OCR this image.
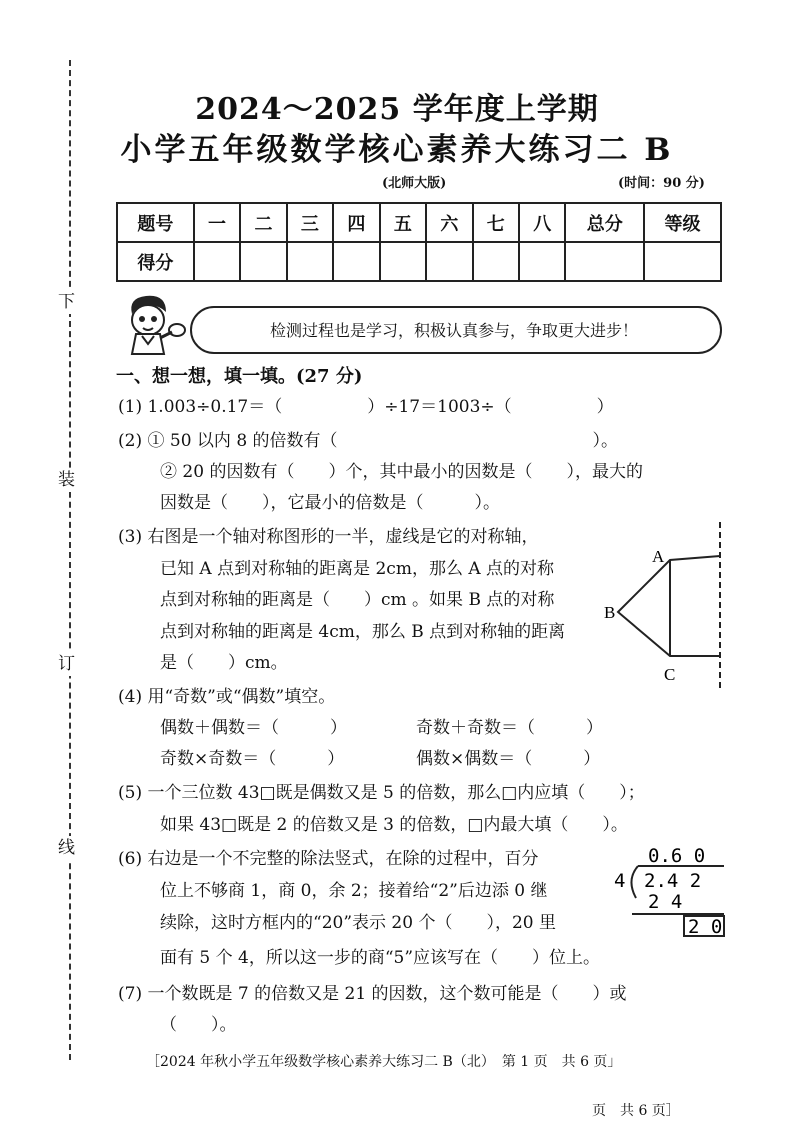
下
装
订
线
2024～2025 学年度上学期
小学五年级数学核心素养大练习二 B
(北师大版)	(时间：90 分)
题号	一	二	三	四	五	六	七	八	总分	等级
得分										
检测过程也是学习，积极认真参与，争取更大进步！
一、想一想，填一填。(27 分)
(1) 1.003÷0.17＝（　　　　　）÷17＝1003÷（　　　　　）
(2) ① 50 以内 8 的倍数有（　　　　　　　　　　　　　　　）。
② 20 的因数有（　　）个，其中最小的因数是（　　），最大的
因数是（　　），它最小的倍数是（　　　）。
(3) 右图是一个轴对称图形的一半，虚线是它的对称轴，
已知 A 点到对称轴的距离是 2cm，那么 A 点的对称
点到对称轴的距离是（　　）cm 。如果 B 点的对称
点到对称轴的距离是 4cm，那么 B 点到对称轴的距离
是（　　）cm。
A
B
C
(4) 用“奇数”或“偶数”填空。
偶数＋偶数＝（　　　）	奇数＋奇数＝（　　　）
奇数×奇数＝（　　　）	偶数×偶数＝（　　　）
(5) 一个三位数 43□既是偶数又是 5 的倍数，那么□内应填（　　）；
如果 43□既是 2 的倍数又是 3 的倍数，□内最大填（　　）。
(6) 右边是一个不完整的除法竖式，在除的过程中，百分
位上不够商 1，商 0，余 2；接着给“2”后边添 0 继
续除，这时方框内的“20”表示 20 个（　　），20 里
面有 5 个 4，所以这一步的商“5”应该写在（　　）位上。
0.6 0
4 2.4 2
2 4
2 0
(7) 一个数既是 7 的倍数又是 21 的因数，这个数可能是（　　）或
（　　）。
［2024 年秋小学五年级数学核心素养大练习二 B（北）　第 1 页　共 6 页」
页　共 6 页］
